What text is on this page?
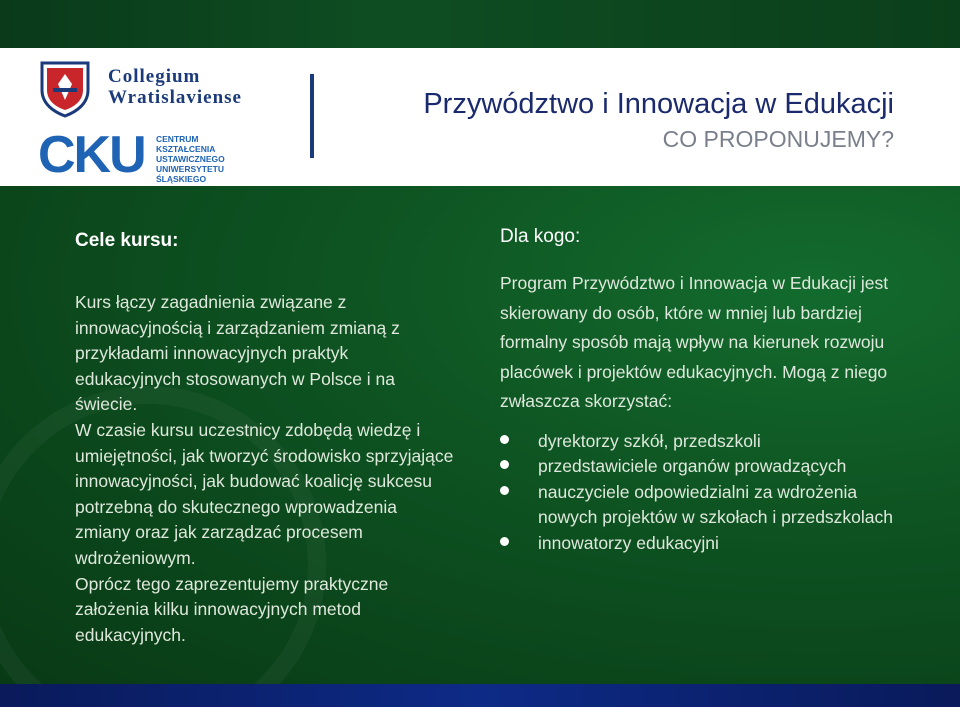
Collegium
Wratislaviense
CKU CENTRUM
KSZTAŁCENIA
USTAWICZNEGO
UNIWERSYTETU
ŚLĄSKIEGO
Przywództwo i Innowacja w Edukacji
CO PROPONUJEMY?
Cele kursu:

Kurs łączy zagadnienia związane z innowacyjnością i zarządzaniem zmianą z przykładami innowacyjnych praktyk edukacyjnych stosowanych w Polsce i na świecie.

W czasie kursu uczestnicy zdobędą wiedzę i umiejętności, jak tworzyć środowisko sprzyjające innowacyjności, jak budować koalicję sukcesu potrzebną do skutecznego wprowadzenia zmiany oraz jak zarządzać procesem wdrożeniowym.

Oprócz tego zaprezentujemy praktyczne założenia kilku innowacyjnych metod edukacyjnych.

Dla kogo:

Program Przywództwo i Innowacja w Edukacji jest skierowany do osób, które w mniej lub bardziej formalny sposób mają wpływ na kierunek rozwoju placówek i projektów edukacyjnych. Mogą z niego zwłaszcza skorzystać:

dyrektorzy szkół, przedszkoli
przedstawiciele organów prowadzących
nauczyciele odpowiedzialni za wdrożenia nowych projektów w szkołach i przedszkolach
innowatorzy edukacyjni
